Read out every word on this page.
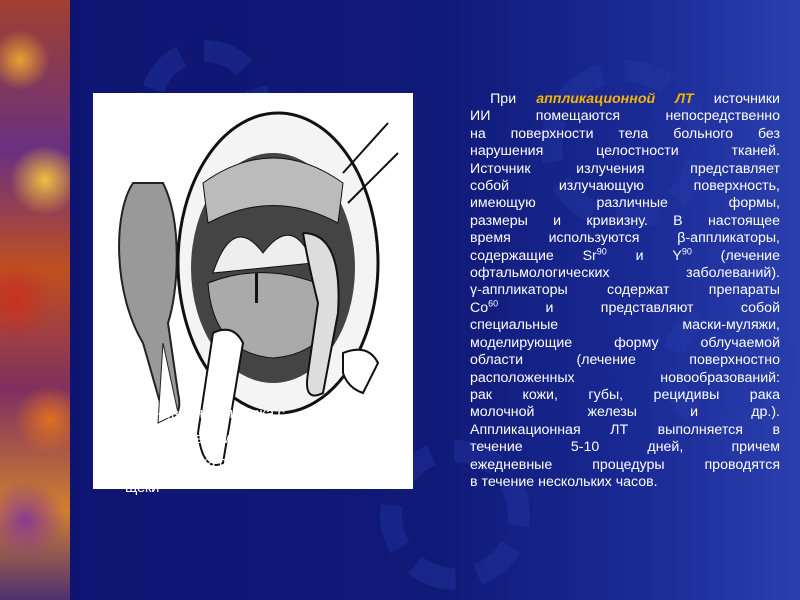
Установление муляжа с
радиоактивными препаратами при
лечении рака слизистой оболочки
щеки
При аппликационной ЛТ источники
ИИ помещаются непосредственно
на поверхности тела больного без
нарушения целостности тканей.
Источник излучения представляет
собой излучающую поверхность,
имеющую различные формы,
размеры и кривизну. В настоящее
время используются β-аппликаторы,
содержащие Sr$^{90}$ и $Y^{90}$ (лечение
офтальмологических заболеваний).
γ-аппликаторы содержат препараты
Co$^{60}$ и представляют собой
специальные маски-муляжи,
моделирующие форму облучаемой
области (лечение поверхностно
расположенных новообразований:
рак кожи, губы, рецидивы рака
молочной железы и др.).
Аппликационная ЛТ выполняется в
течение 5-10 дней, причем
ежедневные процедуры проводятся
в течение нескольких часов.
